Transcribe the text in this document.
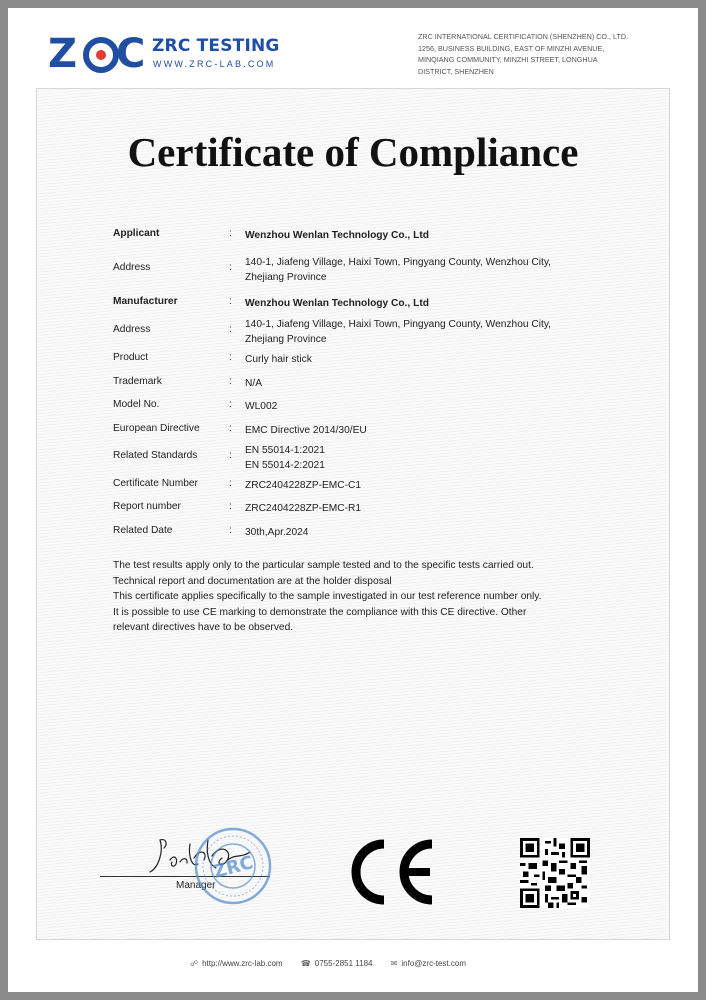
Z C ZRC TESTING
WWW.ZRC-LAB.COM
ZRC INTERNATIONAL CERTIFICATION (SHENZHEN) CO., LTD.
1256, BUSINESS BUILDING, EAST OF MINZHI AVENUE,
MINQIANG COMMUNITY, MINZHI STREET, LONGHUA
DISTRICT, SHENZHEN
Certificate of Compliance
Applicant	: Wenzhou Wenlan Technology Co., Ltd
Address	: 140-1, Jiafeng Village, Haixi Town, Pingyang County, Wenzhou City,
Zhejiang Province
Manufacturer	: Wenzhou Wenlan Technology Co., Ltd
Address	: 140-1, Jiafeng Village, Haixi Town, Pingyang County, Wenzhou City,
Zhejiang Province
Product	: Curly hair stick
Trademark	: N/A
Model No.	: WL002
European Directive	: EMC Directive 2014/30/EU
Related Standards	: EN 55014-1:2021
EN 55014-2:2021
Certificate Number	: ZRC2404228ZP-EMC-C1
Report number	: ZRC2404228ZP-EMC-R1
Related Date	: 30th,Apr.2024
The test results apply only to the particular sample tested and to the specific tests carried out.
Technical report and documentation are at the holder disposal
This certificate applies specifically to the sample investigated in our test reference number only.
It is possible to use CE marking to demonstrate the compliance with this CE directive. Other
relevant directives have to be observed.
Manager
ZRC
☍ http://www.zrc-lab.com ☎ 0755-2851 1184 ✉ info@zrc-test.com
